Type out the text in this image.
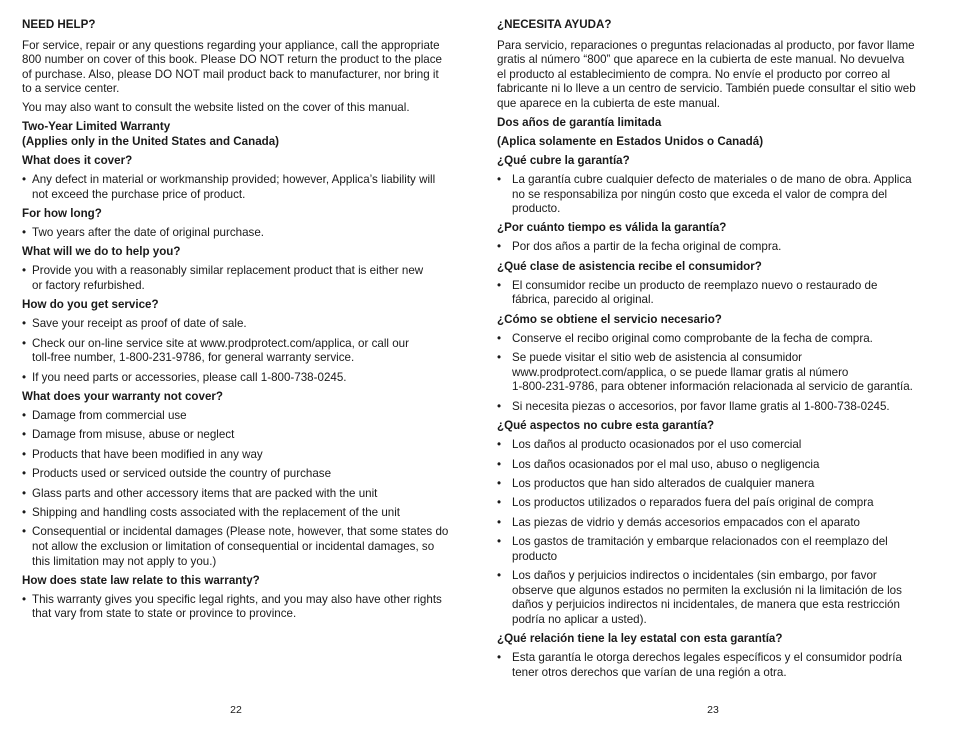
NEED HELP?
For service, repair or any questions regarding your appliance, call the appropriate
800 number on cover of this book. Please DO NOT return the product to the place
of purchase. Also, please DO NOT mail product back to manufacturer, nor bring it
to a service center.
You may also want to consult the website listed on the cover of this manual.
Two-Year Limited Warranty
(Applies only in the United States and Canada)
What does it cover?
• Any defect in material or workmanship provided; however, Applica’s liability will
not exceed the purchase price of product.
For how long?
• Two years after the date of original purchase.
What will we do to help you?
• Provide you with a reasonably similar replacement product that is either new
or factory refurbished.
How do you get service?
• Save your receipt as proof of date of sale.
• Check our on-line service site at www.prodprotect.com/applica, or call our
toll-free number, 1-800-231-9786, for general warranty service.
• If you need parts or accessories, please call 1-800-738-0245.
What does your warranty not cover?
• Damage from commercial use
• Damage from misuse, abuse or neglect
• Products that have been modified in any way
• Products used or serviced outside the country of purchase
• Glass parts and other accessory items that are packed with the unit
• Shipping and handling costs associated with the replacement of the unit
• Consequential or incidental damages (Please note, however, that some states do
not allow the exclusion or limitation of consequential or incidental damages, so
this limitation may not apply to you.)
How does state law relate to this warranty?
• This warranty gives you specific legal rights, and you may also have other rights
that vary from state to state or province to province.
¿NECESITA AYUDA?
Para servicio, reparaciones o preguntas relacionadas al producto, por favor llame
gratis al número “800” que aparece en la cubierta de este manual. No devuelva
el producto al establecimiento de compra. No envíe el producto por correo al
fabricante ni lo lleve a un centro de servicio. También puede consultar el sitio web
que aparece en la cubierta de este manual.
Dos años de garantía limitada
(Aplica solamente en Estados Unidos o Canadá)
¿Qué cubre la garantía?
• La garantía cubre cualquier defecto de materiales o de mano de obra. Applica
no se responsabiliza por ningún costo que exceda el valor de compra del
producto.
¿Por cuánto tiempo es válida la garantía?
• Por dos años a partir de la fecha original de compra.
¿Qué clase de asistencia recibe el consumidor?
• El consumidor recibe un producto de reemplazo nuevo o restaurado de
fábrica, parecido al original.
¿Cómo se obtiene el servicio necesario?
• Conserve el recibo original como comprobante de la fecha de compra.
• Se puede visitar el sitio web de asistencia al consumidor
www.prodprotect.com/applica, o se puede llamar gratis al número
1-800-231-9786, para obtener información relacionada al servicio de garantía.
• Si necesita piezas o accesorios, por favor llame gratis al 1-800-738-0245.
¿Qué aspectos no cubre esta garantía?
• Los daños al producto ocasionados por el uso comercial
• Los daños ocasionados por el mal uso, abuso o negligencia
• Los productos que han sido alterados de cualquier manera
• Los productos utilizados o reparados fuera del país original de compra
• Las piezas de vidrio y demás accesorios empacados con el aparato
• Los gastos de tramitación y embarque relacionados con el reemplazo del
producto
• Los daños y perjuicios indirectos o incidentales (sin embargo, por favor
observe que algunos estados no permiten la exclusión ni la limitación de los
daños y perjuicios indirectos ni incidentales, de manera que esta restricción
podría no aplicar a usted).
¿Qué relación tiene la ley estatal con esta garantía?
• Esta garantía le otorga derechos legales específicos y el consumidor podría
tener otros derechos que varían de una región a otra.
22	23
